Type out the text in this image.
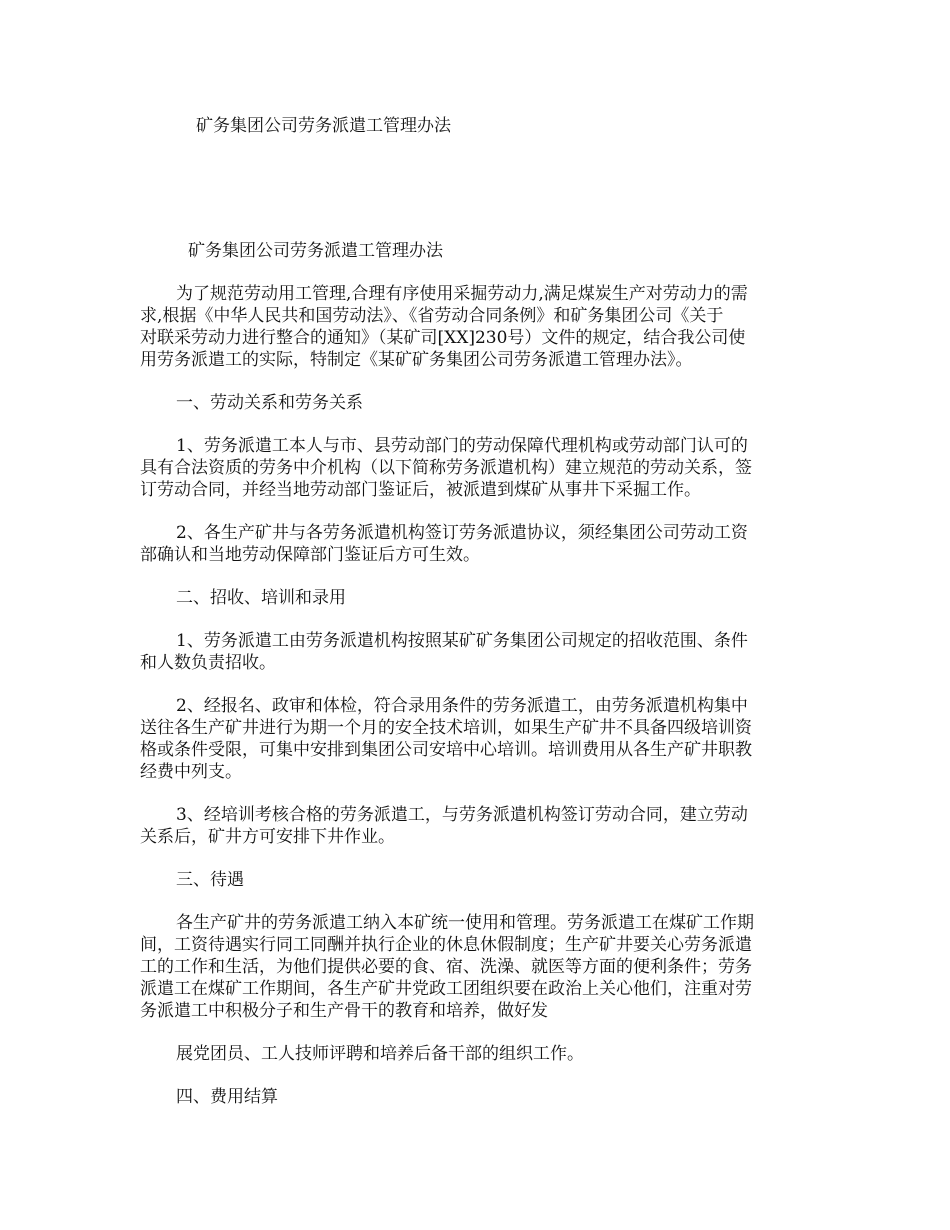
矿务集团公司劳务派遣工管理办法
矿务集团公司劳务派遣工管理办法
为了规范劳动用工管理,合理有序使用采掘劳动力,满足煤炭生产对劳动力的需
求,根据《中华人民共和国劳动法》、《省劳动合同条例》和矿务集团公司《关于
对联采劳动力进行整合的通知》（某矿司[XX]230号）文件的规定，结合我公司使
用劳务派遣工的实际，特制定《某矿矿务集团公司劳务派遣工管理办法》。
一、劳动关系和劳务关系
1、劳务派遣工本人与市、县劳动部门的劳动保障代理机构或劳动部门认可的
具有合法资质的劳务中介机构（以下简称劳务派遣机构）建立规范的劳动关系，签
订劳动合同，并经当地劳动部门鉴证后，被派遣到煤矿从事井下采掘工作。
2、各生产矿井与各劳务派遣机构签订劳务派遣协议，须经集团公司劳动工资
部确认和当地劳动保障部门鉴证后方可生效。
二、招收、培训和录用
1、劳务派遣工由劳务派遣机构按照某矿矿务集团公司规定的招收范围、条件
和人数负责招收。
2、经报名、政审和体检，符合录用条件的劳务派遣工，由劳务派遣机构集中
送往各生产矿井进行为期一个月的安全技术培训，如果生产矿井不具备四级培训资
格或条件受限，可集中安排到集团公司安培中心培训。培训费用从各生产矿井职教
经费中列支。
3、经培训考核合格的劳务派遣工，与劳务派遣机构签订劳动合同，建立劳动
关系后，矿井方可安排下井作业。
三、待遇
各生产矿井的劳务派遣工纳入本矿统一使用和管理。劳务派遣工在煤矿工作期
间，工资待遇实行同工同酬并执行企业的休息休假制度；生产矿井要关心劳务派遣
工的工作和生活，为他们提供必要的食、宿、洗澡、就医等方面的便利条件；劳务
派遣工在煤矿工作期间，各生产矿井党政工团组织要在政治上关心他们，注重对劳
务派遣工中积极分子和生产骨干的教育和培养，做好发
展党团员、工人技师评聘和培养后备干部的组织工作。
四、费用结算
